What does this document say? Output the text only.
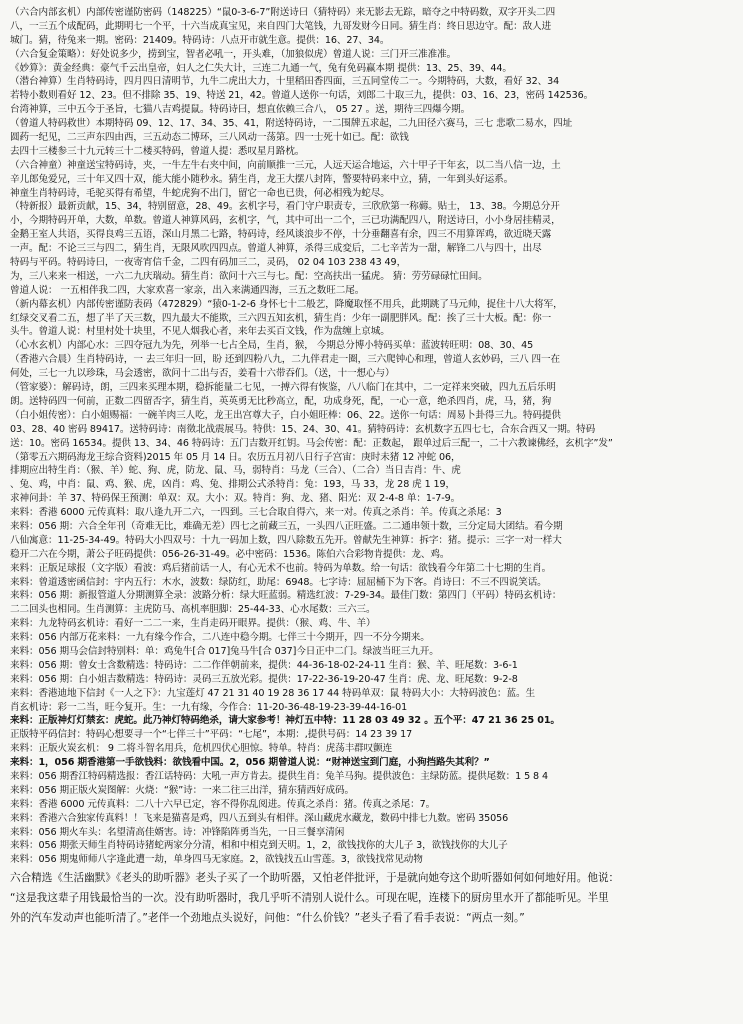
（六合内部玄机）内部传密谨防密码（148225）“鼠0-3-6-7”附送诗曰（猜特码）来无影去无踪，暗夺之中特码数，双字开头二四
八，一三五个成配码，此期明七一个平，十六当成真宝见，来自四门大笔钱，九哥发财今日同。猜生肖：终日思边守。配：敌人进
城门。猜，待兔来一期。密码：21409。特码诗：八点开市就生意。提供：16、27、34。
（六合复金策略）：好处说多少，捞到宝，智者必吼一，开头难，（加狼似虎）曾道人说：三门开三准准准。
《妙算》：黄金经典：豪气千云出皇帝，妇人之仁失大计，三连二九通一气，兔有免码赢本期 提供：13、25、39、44。
（潜台神算）生肖特码诗，四月四日清明节，九牛二虎出大力，十里稻田香四面，三五同堂传二一。今期特码，大数，看好 32、34
若特小数则看好 12、23。但不排除 35、19、特送 21，42。曾道人送你一句话，刘郎二十取三九，提供：03、16、23，密码 142536。
台湾神算，三中五今于圣旨，七猫八吉鸡提鼠。特码诗曰，想直依赖三合八， 05 27 。送，期待三四爆今期。
（曾道人特码救世）本期特码 09、12、17、34、35、41，附送特码诗，一二围牌五求起，二九田径六赛马，三七 悲歌二易水，四址
圆药一纪见，二三声东四由西，三五动态二博环，三八风动一荡第。四一士死十如已。配：欲钱
去四十三楼参三十九元转三十二楼买特码，曾道人提：悉叹星月路枕。
（六合神童）神童送宝特码诗，夹，一牛左牛右夹中间，向前顺推一三元，人远天运合地运，六十甲子干年玄，以二当八信一边，土
辛儿郎兔爱兄，三十年又四十双，能大能小随秒永。猜生肖，龙王大摆八封阵，警要特码来中立，猜，一年到头好运系。
神童生肖特码诗，毛驼买得有希望，牛蛇虎狗不出门，留它一命也已贵，何必相残为蛇尽。
（特新报）最新贡献，15、34，特别留意，28、49。玄机字号，看门守户职责专，三欣欣第一称薅。贴士， 13、38。今期总分开
小，今期特码开单，大数，单数。曾道人神算风码，玄机字，气，其中可出一二个，三已功满配四八，附送诗曰，小小身居挂精灵，
金鹅王室人共语，买得良鸡三五语，深山月黑二七路，特码诗，经风谈浪步不停，十分垂翻喜有余，四三不用算诨鸡，欲近晓天露
一声。配：不论三三与四二，猜生肖，无限风吹四四点。曾道人神算，杀得三成変后，二七辛苦为一甜，解锋二八与四十，出尽
特码与平码。特码诗曰，一夜寄宵信千金，二四有码加三二，灵码， 02 04 103 238 43 49，
为，三八来来一相送，一六二九庆瑞动。猜生肖：欲问十六三与七。配：空高扶出一猛虎。 猜：劳劳碌碌忙田间。
曾道人说： 一五相伴我二四，大家欢喜一家亲，出入来满通四海，三五之数旺二尾。
（新内幕玄机）内部传密谨防表码（472829）“猿0-1-2-6 身怀七十二般艺，降魔取怪不用兵，此期跳了马元帅，捉住十八大将军，
红绿交叉看二五，想了半了天三数，四九最大不能欺，三六四五知玄机，猜生肖：少年一副肥胖风。配：挨了三十大板。配：你一
头牛。曾道人说：村里村处十块里，不见人烟我心者，来年去买百文钱，作为盘缠上京城。
（心水玄机）内部心水：三四夺冠九为先，列举一七占全局，生肖，猴， 今期总分博小特码买单：蓝波转旺明：08、30、45
（香港六合晨）生肖特码诗，一 去三年归一回，盼 还到四粉八九，二九伴君走一圈，三六爬钟心和理，曾道人玄妙码，三八 四一在
何处，三七一九以珍珠，马会透密，欲问十二出与否，姜看十六带吞们。（送，十一想心与）
（管家婆）：解码诗，朗，三四来买理本期，稳拆能量二七见，一搏六得有恢鉴，八八临门在其中，二一定祥来突破，四九五后乐明
朗。送特码四一何前，正数二四留否字，猜生肖，英英勇无比秒高立，配，功成身死，配，一心一意，绝杀四肖，虎，马，猪，狗
（白小姐传密）：白小姐赐福：一碗羊肉三人吃，龙王出宫尊大子，白小姐旺棒：06、22。送你一句话：周易卜卦得三九。特码提供
03、28、40 密码 89417。送特码诗：南徵北战震展马。特供：15、24、30、41。猜特码诗：玄机数字五四七七，合东合西又一期。特码
送：10。密码 16534。提供 13、34、46 特码诗：五门吉数开红钥。马会传密：配：正数起， 跟单过后三配一，二十六教谏佛经，玄机字”发”
（第零五六期码海龙王综合资料)2015 年 05 月 14 日。农历五月初八日行子宫宙：庚时未猪 12 冲蛇 06，
排期应出特生肖：（猴、羊）蛇、狗、虎，防龙、鼠、马，弱特肖：马龙（三合）、（二合）当日吉肖：牛、虎
、兔、鸡，中肖：鼠、鸡、猴、虎，凶肖：鸡、兔、排期公式杀特肖：兔：193，马 33，龙 28 虎 1 19，
求神问卦：羊 37、特码保王预测：单双：双。大小：双。特肖：狗、龙、猪、阳光：双 2-4-8 单：1-7-9。
来料：香港 6000 元传真料：取八逢九开二六，一四到。三七合取自得六，来一对。传真之杀肖：羊。传真之杀尾：3
来料：056 期：六合全年刊（奇难无比，难确无差）四七之前藏三五，一头四八正旺盛。二二通串领十数，三分定局大团结。看今期
八仙寓意：11-25-34-49。特码大小四双号：十九一码加上数，四八除数五先开。曾献先生神算：拆字：猪。提示：三字一对一样大
稳开二六在今期，萧公子旺码提供：056-26-31-49。必中密码：1536。陈伯六合彩物肯提供：龙、鸡。
来料：正版足球报（文字版）看波：鸡后猪前话一人，有心无术不也前。特码为单数。给一句话：欲钱看今年第二十七期的生肖。
来料：曾道透密函信封：宇内五行：木水，波数：绿防红，助尾：6948。七字诗：屈屈桶下为下客。肖诗曰：不三不四说笑话。
来料：056 期：新报管道人分期测算全录：波路分析：绿大旺蓝弱。精选红波：7-29-34。最佳门数：第四门（平码）特码玄机诗：
二二回头也相同。生肖测算：主虎防马、高机率胆脚：25-44-33、心水尾数：三六三。
来料：九龙特码玄机诗：看好一二二一来，生肖走码开眼界。提供：（猴、鸡、牛、羊）
来料：056 内部万花来料：一九有缘今作合，二八连中稳今期。七伴三十今期开，四一不分今期来。
来料：056 期马会信封特别料：单：鸡兔牛[合 017]兔马牛[合 037]今日正中二门。绿波当旺三九开。
来料：056 期：曾女士含数精选：特码诗：二二作伴朝前来，提供：44-36-18-02-24-11 生肖：猴、羊、旺尾数：3-6-1
来料：056 期：白小姐吉数精选：特码诗：灵码三五放光彩。提供：17-22-36-19-20-47 生肖：虎、龙、旺尾数：9-2-8
来料：香港迪地下信封《一人之下》：九宝莲灯 47 21 31 40 19 28 36 17 44 特码单双：鼠 特码大小：大特码波色：蓝。生
肖玄机诗：彩一二当，旺今复开。生：一九有缘，今作合：11-20-36-48-19-23-39-44-16-01
来料：正版神灯灯禁玄：虎蛇。此乃神灯特码绝杀，请大家参考！神灯五中特：11 28 03 49 32 。五个平：47 21 36 25 01。
正版特平码信封：特码心想要寻一个“七伴三十”平码：“七尾”，本期：,提供号码：14 23 39 17
来料：正版火炭玄机： 9 二将斗智名用兵，危机四伏心胆惊。特单。特肖：虎荡丰群叹颤连
来料：1，056 期香港第一手欲钱料：欲钱看中国。2，056 期曾道人说：“财神送宝到门庭，小狗挡路失其利？”
来料：056 期香江特码精选报：香江话特码：大吼一声方肯去。提供生肖：兔羊马狗。提供波色：主绿防蓝。提供尾数：1 5 8 4
来料：056 期正版火炭图解：火烧：“猴”诗：一来二往三出洋，猜东猜西好成码。
来料：香港 6000 元传真料：二八十六早已定，容不得你乱阅进。传真之杀肖：猪。传真之杀尾：7。
来料：香港六合独家传真料！！飞来是猫喜是鸡，四八五到头有相伴。深山藏虎水藏龙，数码中排七九数。密码 35056
来料：056 期火车头：名望清高佳婿害。诗：冲锋陷阵勇当先，一日三餐享清闲
来料：056 期张天师生肖特码诗猪蛇两家分分清，相和中相克到天明。1，2，欲钱找你的大儿子 3，欲钱找你的大儿子
来料：056 期鬼师师八字逢此遭一劫，单身四马无家庭。2，欲钱找五山雪莲。3，欲钱找常见动物
六合精选《生活幽默》《老头的助听器》老头子买了一个助听器，又怕老伴批评，于是就向她夸这个助听器如何如何地好用。他说：
“这是我这辈子用钱最恰当的一次。没有助听器时，我几乎听不清别人说什么。可现在呢，连楼下的厨房里水开了都能听见。半里
外的汽车发动声也能听清了。”老伴一个劲地点头说好，问他：“什么价钱？”老头子看了看手表说：“两点一刻。”
